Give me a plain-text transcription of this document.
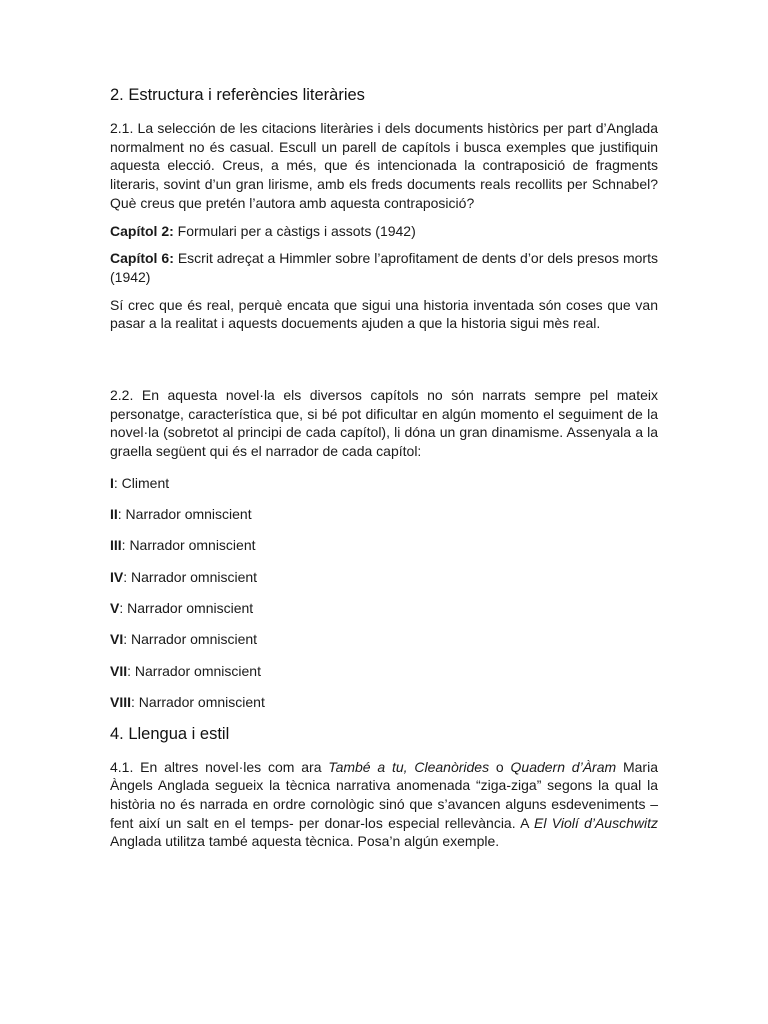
2. Estructura i referències literàries

2.1. La selección de les citacions literàries i dels documents històrics per part d’Anglada normalment no és casual. Escull un parell de capítols i busca exemples que justifiquin aquesta elecció. Creus, a més, que és intencionada la contraposició de fragments literaris, sovint d’un gran lirisme, amb els freds documents reals recollits per Schnabel? Què creus que pretén l’autora amb aquesta contraposició?

Capítol 2: Formulari per a càstigs i assots (1942)

Capítol 6: Escrit adreçat a Himmler sobre l’aprofitament de dents d’or dels presos morts (1942)

Sí crec que és real, perquè encata que sigui una historia inventada són coses que van pasar a la realitat i aquests docuements ajuden a que la historia sigui mès real.

2.2. En aquesta novel·la els diversos capítols no són narrats sempre pel mateix personatge, característica que, si bé pot dificultar en algún momento el seguiment de la novel·la (sobretot al principi de cada capítol), li dóna un gran dinamisme. Assenyala a la graella següent qui és el narrador de cada capítol:

I: Climent

II: Narrador omniscient

III: Narrador omniscient

IV: Narrador omniscient

V: Narrador omniscient

VI: Narrador omniscient

VII: Narrador omniscient

VIII: Narrador omniscient

4. Llengua i estil

4.1. En altres novel·les com ara També a tu, Cleanòrides o Quadern d’Àram Maria Àngels Anglada segueix la tècnica narrativa anomenada “ziga-ziga” segons la qual la història no és narrada en ordre cornològic sinó que s’avancen alguns esdeveniments –fent així un salt en el temps- per donar-los especial rellevància. A El Violí d’Auschwitz Anglada utilitza també aquesta tècnica. Posa’n algún exemple.
